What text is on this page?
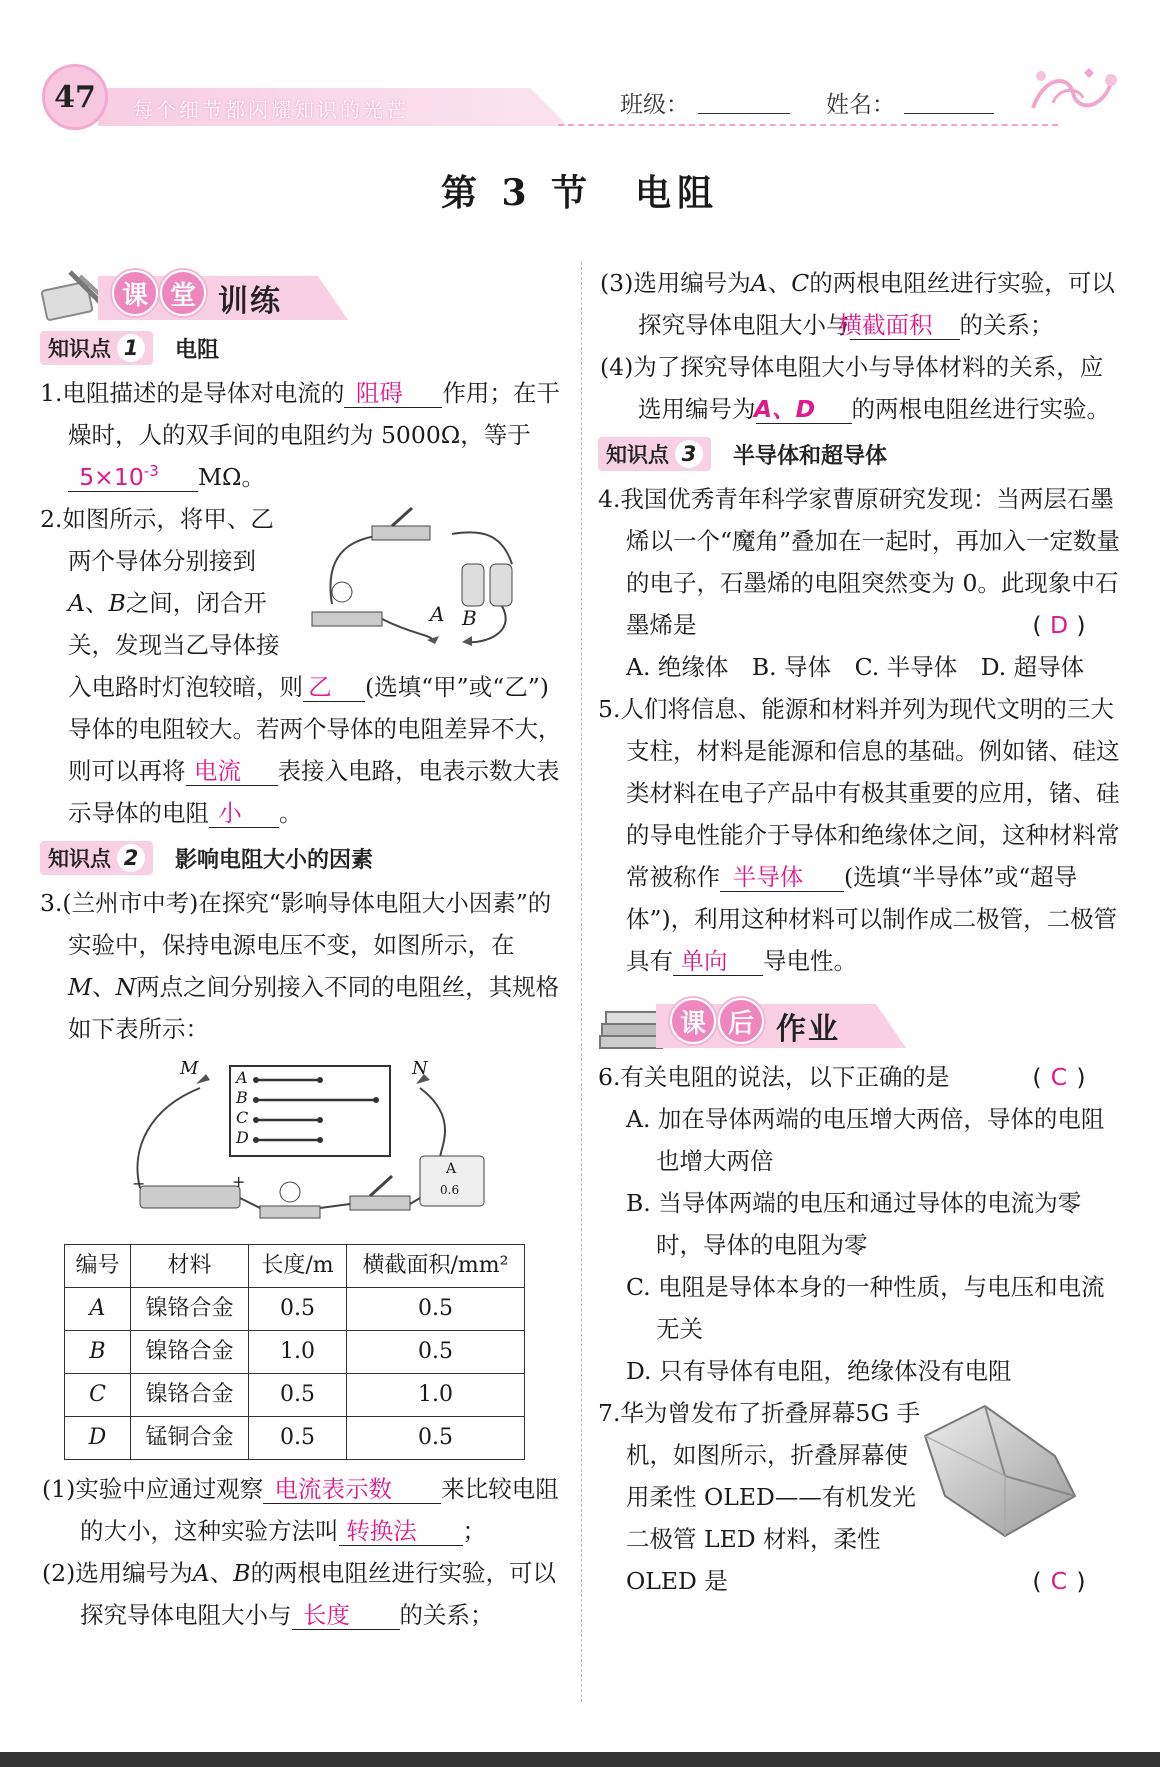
47	每个细节都闪耀知识的光芒	班级：	姓名：
第 3 节　电阻
课 堂 训练
知识点 1	电阻
1.电阻描述的是导体对电流的 阻碍 作用；在干燥时，人的双手间的电阻约为 5000Ω，等于$5\times 10^{-3}$ MΩ。
A B
2.如图所示，将甲、乙两个导体分别接到A、B之间，闭合开关，发现当乙导体接入电路时灯泡较暗，则 乙 (选填“甲”或“乙”)导体的电阻较大。若两个导体的电阻差异不大，则可以再将 电流 表接入电路，电表示数大表示导体的电阻 小 。
知识点 2	影响电阻大小的因素
3.(兰州市中考)在探究“影响导体电阻大小因素”的实验中，保持电源电压不变，如图所示，在M、N两点之间分别接入不同的电阻丝，其规格如下表所示：
M	N
A
B
C
D
−	+
A
0.6
编号	材料	长度/m	横截面积/mm²
A	镍铬合金	0.5	0.5
B	镍铬合金	1.0	0.5
C	镍铬合金	0.5	1.0
D	锰铜合金	0.5	0.5
(1)实验中应通过观察 电流表示数 来比较电阻的大小，这种实验方法叫 转换法 ；
(2)选用编号为A、B的两根电阻丝进行实验，可以探究导体电阻大小与 长度 的关系；
(3)选用编号为A、C的两根电阻丝进行实验，可以探究导体电阻大小与横截面积 的关系；
(4)为了探究导体电阻大小与导体材料的关系，应选用编号为A、D 的两根电阻丝进行实验。
知识点 3	半导体和超导体
4.我国优秀青年科学家曹原研究发现：当两层石墨烯以一个“魔角”叠加在一起时，再加入一定数量的电子，石墨烯的电阻突然变为 0。此现象中石墨烯是	( D )
A. 绝缘体　B. 导体　C. 半导体　D. 超导体
5.人们将信息、能源和材料并列为现代文明的三大支柱，材料是能源和信息的基础。例如锗、硅这类材料在电子产品中有极其重要的应用，锗、硅的导电性能介于导体和绝缘体之间，这种材料常常被称作 半导体 (选填“半导体”或“超导体”)，利用这种材料可以制作成二极管，二极管具有 单向 导电性。
课 后 作业
6.有关电阻的说法，以下正确的是	( C )
A. 加在导体两端的电压增大两倍，导体的电阻也增大两倍
B. 当导体两端的电压和通过导体的电流为零时，导体的电阻为零
C. 电阻是导体本身的一种性质，与电压和电流无关
D. 只有导体有电阻，绝缘体没有电阻
7.华为曾发布了折叠屏幕5G 手机，如图所示，折叠屏幕使用柔性 OLED——有机发光二极管 LED 材料，柔性 OLED 是	( C )
